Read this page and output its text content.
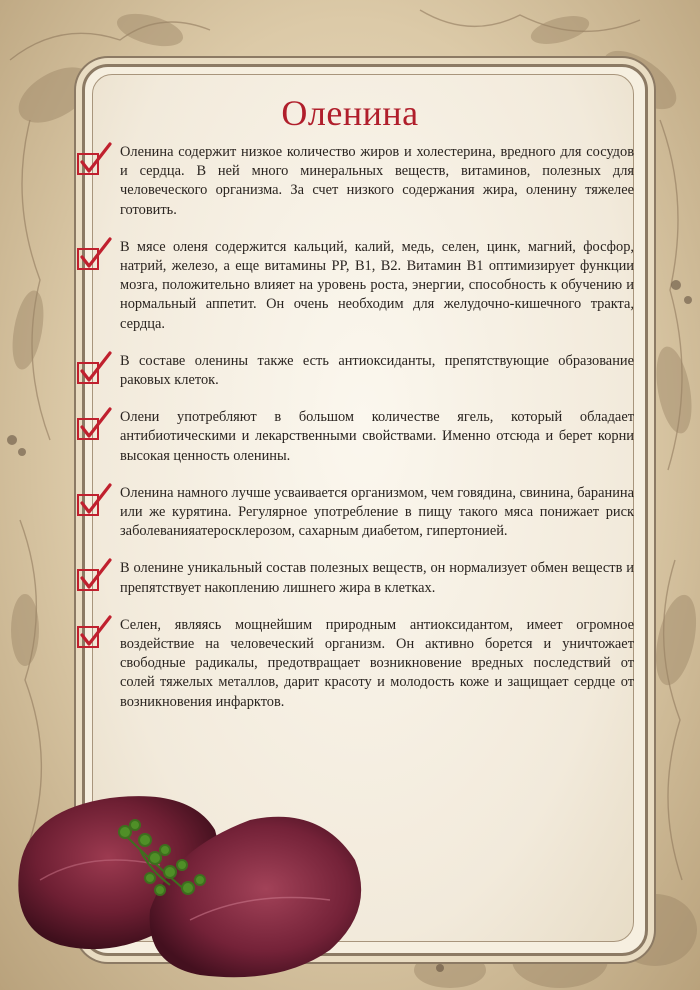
Оленина

Оленина содержит низкое количество жиров и холестерина, вредного для сосудов и сердца. В ней много минеральных веществ, витаминов, полезных для человеческого организма. За счет низкого содержания жира, оленину тяжелее готовить.

В мясе оленя содержится кальций, калий, медь, селен, цинк, магний, фосфор, натрий, железо, а еще витамины PP, В1, В2. Витамин В1 оптимизирует функции мозга, положительно влияет на уровень роста, энергии, способность к обучению и нормальный аппетит. Он очень необходим для желудочно-кишечного тракта, сердца.

В составе оленины также есть антиоксиданты, препятствующие образование раковых клеток.

Олени употребляют в большом количестве ягель, который обладает антибиотическими и лекарственными свойствами. Именно отсюда и берет корни высокая ценность оленины.

Оленина намного лучше усваивается организмом, чем говядина, свинина, баранина или же курятина. Регулярное употребление в пищу такого мяса понижает риск заболеванияатеросклерозом, сахарным диабетом, гипертонией.

В оленине уникальный состав полезных веществ, он нормализует обмен веществ и препятствует накоплению лишнего жира в клетках.

Селен, являясь мощнейшим природным антиоксидантом, имеет огромное воздействие на человеческий организм. Он активно борется и уничтожает свободные радикалы, предотвращает возникновение вредных последствий от солей тяжелых металлов, дарит красоту и молодость коже и защищает сердце от возникновения инфарктов.
